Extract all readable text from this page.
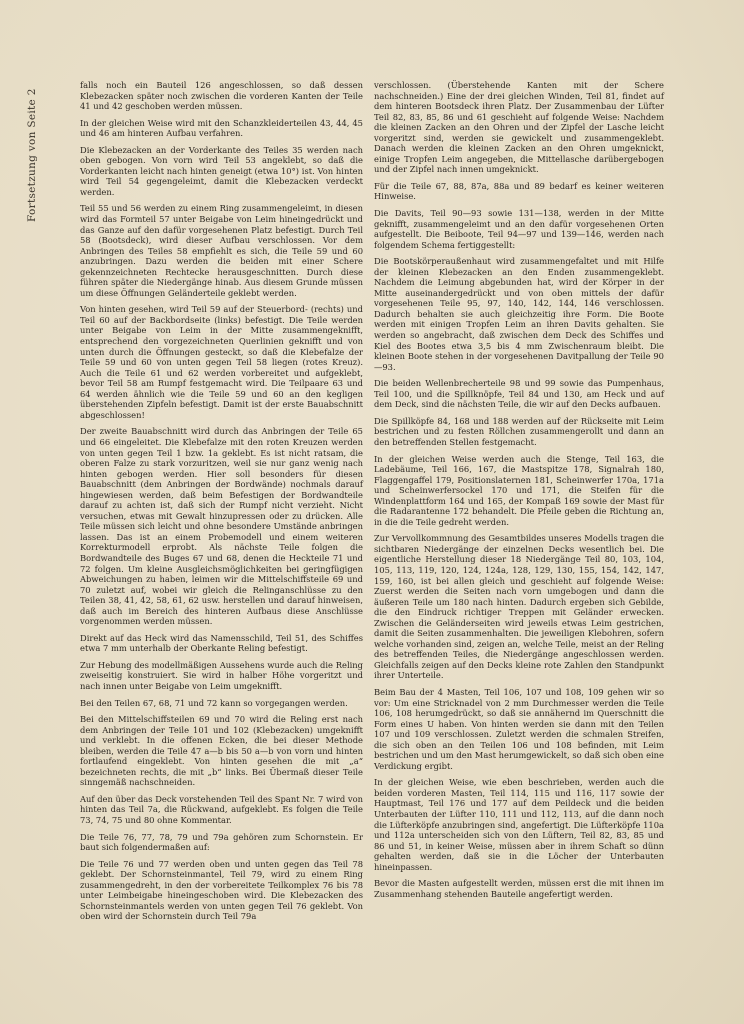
Fortsetzung von Seite 2

falls noch ein Bauteil 126 angeschlossen, so daß dessen Klebezacken später noch zwischen die vorderen Kanten der Teile 41 und 42 geschoben werden müssen.

In der gleichen Weise wird mit den Schanzkleiderteilen 43, 44, 45 und 46 am hinteren Aufbau verfahren.

Die Klebezacken an der Vorderkante des Teiles 35 werden nach oben gebogen. Von vorn wird Teil 53 angeklebt, so daß die Vorderkanten leicht nach hinten geneigt (etwa 10°) ist. Von hinten wird Teil 54 gegengeleimt, damit die Klebezacken verdeckt werden.

Teil 55 und 56 werden zu einem Ring zusammengeleimt, in diesen wird das Formteil 57 unter Beigabe von Leim hineingedrückt und das Ganze auf den dafür vorgesehenen Platz befestigt. Durch Teil 58 (Bootsdeck), wird dieser Aufbau verschlossen. Vor dem Anbringen des Teiles 58 empfiehlt es sich, die Teile 59 und 60 anzubringen. Dazu werden die beiden mit einer Schere gekennzeichneten Rechtecke herausgeschnitten. Durch diese führen später die Niedergänge hinab. Aus diesem Grunde müssen um diese Öffnungen Geländerteile geklebt werden.

Von hinten gesehen, wird Teil 59 auf der Steuerbord- (rechts) und Teil 60 auf der Backbordseite (links) befestigt. Die Teile werden unter Beigabe von Leim in der Mitte zusammengeknifft, entsprechend den vorgezeichneten Querlinien geknifft und von unten durch die Öffnungen gesteckt, so daß die Klebefalze der Teile 59 und 60 von unten gegen Teil 58 liegen (rotes Kreuz). Auch die Teile 61 und 62 werden vorbereitet und aufgeklebt, bevor Teil 58 am Rumpf festgemacht wird. Die Teilpaare 63 und 64 werden ähnlich wie die Teile 59 und 60 an den kegligen überstehenden Zipfeln befestigt. Damit ist der erste Bauabschnitt abgeschlossen!

Der zweite Bauabschnitt wird durch das Anbringen der Teile 65 und 66 eingeleitet. Die Klebefalze mit den roten Kreuzen werden von unten gegen Teil 1 bzw. 1a geklebt. Es ist nicht ratsam, die oberen Falze zu stark vorzuritzen, weil sie nur ganz wenig nach hinten gebogen werden. Hier soll besonders für diesen Bauabschnitt (dem Anbringen der Bordwände) nochmals darauf hingewiesen werden, daß beim Befestigen der Bordwandteile darauf zu achten ist, daß sich der Rumpf nicht verzieht. Nicht versuchen, etwas mit Gewalt hinzupressen oder zu drücken. Alle Teile müssen sich leicht und ohne besondere Umstände anbringen lassen. Das ist an einem Probemodell und einem weiteren Korrekturmodell erprobt. Als nächste Teile folgen die Bordwandteile des Buges 67 und 68, denen die Heckteile 71 und 72 folgen. Um kleine Ausgleichsmöglichkeiten bei geringfügigen Abweichungen zu haben, leimen wir die Mittelschiffsteile 69 und 70 zuletzt auf, wobei wir gleich die Relinganschlüsse zu den Teilen 38, 41, 42, 58, 61, 62 usw. herstellen und darauf hinweisen, daß auch im Bereich des hinteren Aufbaus diese Anschlüsse vorgenommen werden müssen.

Direkt auf das Heck wird das Namensschild, Teil 51, des Schiffes etwa 7 mm unterhalb der Oberkante Reling befestigt.

Zur Hebung des modellmäßigen Aussehens wurde auch die Reling zweiseitig konstruiert. Sie wird in halber Höhe vorgeritzt und nach innen unter Beigabe von Leim umgeknifft.

Bei den Teilen 67, 68, 71 und 72 kann so vorgegangen werden.

Bei den Mittelschiffsteilen 69 und 70 wird die Reling erst nach dem Anbringen der Teile 101 und 102 (Klebezacken) umgeknifft und verklebt. In die offenen Ecken, die bei dieser Methode bleiben, werden die Teile 47 a—b bis 50 a—b von vorn und hinten fortlaufend eingeklebt. Von hinten gesehen die mit „a“ bezeichneten rechts, die mit „b“ links. Bei Übermaß dieser Teile sinngemäß nachschneiden.

Auf den über das Deck vorstehenden Teil des Spant Nr. 7 wird von hinten das Teil 7a, die Rückwand, aufgeklebt. Es folgen die Teile 73, 74, 75 und 80 ohne Kommentar.

Die Teile 76, 77, 78, 79 und 79a gehören zum Schornstein. Er baut sich folgendermaßen auf:

Die Teile 76 und 77 werden oben und unten gegen das Teil 78 geklebt. Der Schornsteinmantel, Teil 79, wird zu einem Ring zusammengedreht, in den der vorbereitete Teilkomplex 76 bis 78 unter Leimbeigabe hineingeschoben wird. Die Klebezacken des Schornsteinmantels werden von unten gegen Teil 76 geklebt. Von oben wird der Schornstein durch Teil 79a

verschlossen. (Überstehende Kanten mit der Schere nachschneiden.) Eine der drei gleichen Winden, Teil 81, findet auf dem hinteren Bootsdeck ihren Platz. Der Zusammenbau der Lüfter Teil 82, 83, 85, 86 und 61 geschieht auf folgende Weise: Nachdem die kleinen Zacken an den Ohren und der Zipfel der Lasche leicht vorgeritzt sind, werden sie gewickelt und zusammengeklebt. Danach werden die kleinen Zacken an den Ohren umgeknickt, einige Tropfen Leim angegeben, die Mittellasche darübergebogen und der Zipfel nach innen umgeknickt.

Für die Teile 67, 88, 87a, 88a und 89 bedarf es keiner weiteren Hinweise.

Die Davits, Teil 90—93 sowie 131—138, werden in der Mitte geknifft, zusammengeleimt und an den dafür vorgesehenen Orten aufgestellt. Die Beiboote, Teil 94—97 und 139—146, werden nach folgendem Schema fertiggestellt:

Die Bootskörperaußenhaut wird zusammengefaltet und mit Hilfe der kleinen Klebezacken an den Enden zusammengeklebt. Nachdem die Leimung abgebunden hat, wird der Körper in der Mitte auseinandergedrückt und von oben mittels der dafür vorgesehenen Teile 95, 97, 140, 142, 144, 146 verschlossen. Dadurch behalten sie auch gleichzeitig ihre Form. Die Boote werden mit einigen Tropfen Leim an ihren Davits gehalten. Sie werden so angebracht, daß zwischen dem Deck des Schiffes und Kiel des Bootes etwa 3,5 bis 4 mm Zwischenraum bleibt. Die kleinen Boote stehen in der vorgesehenen Davitpallung der Teile 90—93.

Die beiden Wellenbrecherteile 98 und 99 sowie das Pumpenhaus, Teil 100, und die Spillknöpfe, Teil 84 und 130, am Heck und auf dem Deck, sind die nächsten Teile, die wir auf den Decks aufbauen.

Die Spillköpfe 84, 168 und 188 werden auf der Rückseite mit Leim bestrichen und zu festen Röllchen zusammengerollt und dann an den betreffenden Stellen festgemacht.

In der gleichen Weise werden auch die Stenge, Teil 163, die Ladebäume, Teil 166, 167, die Mastspitze 178, Signalrah 180, Flaggengaffel 179, Positionslaternen 181, Scheinwerfer 170a, 171a und Scheinwerfersockel 170 und 171, die Steifen für die Windenplattform 164 und 165, der Kompaß 169 sowie der Mast für die Radarantenne 172 behandelt. Die Pfeile geben die Richtung an, in die die Teile gedreht werden.

Zur Vervollkommnung des Gesamtbildes unseres Modells tragen die sichtbaren Niedergänge der einzelnen Decks wesentlich bei. Die eigentliche Herstellung dieser 18 Niedergänge Teil 80, 103, 104, 105, 113, 119, 120, 124, 124a, 128, 129, 130, 155, 154, 142, 147, 159, 160, ist bei allen gleich und geschieht auf folgende Weise: Zuerst werden die Seiten nach vorn umgebogen und dann die äußeren Teile um 180 nach hinten. Dadurch ergeben sich Gebilde, die den Eindruck richtiger Treppen mit Geländer erwecken. Zwischen die Geländerseiten wird jeweils etwas Leim gestrichen, damit die Seiten zusammenhalten. Die jeweiligen Klebohren, sofern welche vorhanden sind, zeigen an, welche Teile, meist an der Reling des betreffenden Teiles, die Niedergänge angeschlossen werden. Gleichfalls zeigen auf den Decks kleine rote Zahlen den Standpunkt ihrer Unterteile.

Beim Bau der 4 Masten, Teil 106, 107 und 108, 109 gehen wir so vor: Um eine Stricknadel von 2 mm Durchmesser werden die Teile 106, 108 herumgedrückt, so daß sie annähernd im Querschnitt die Form eines U haben. Von hinten werden sie dann mit den Teilen 107 und 109 verschlossen. Zuletzt werden die schmalen Streifen, die sich oben an den Teilen 106 und 108 befinden, mit Leim bestrichen und um den Mast herumgewickelt, so daß sich oben eine Verdickung ergibt.

In der gleichen Weise, wie eben beschrieben, werden auch die beiden vorderen Masten, Teil 114, 115 und 116, 117 sowie der Hauptmast, Teil 176 und 177 auf dem Peildeck und die beiden Unterbauten der Lüfter 110, 111 und 112, 113, auf die dann noch die Lüfterköpfe anzubringen sind, angefertigt. Die Lüfterköpfe 110a und 112a unterscheiden sich von den Lüftern, Teil 82, 83, 85 und 86 und 51, in keiner Weise, müssen aber in ihrem Schaft so dünn gehalten werden, daß sie in die Löcher der Unterbauten hineinpassen.

Bevor die Masten aufgestellt werden, müssen erst die mit ihnen im Zusammenhang stehenden Bauteile angefertigt werden.
